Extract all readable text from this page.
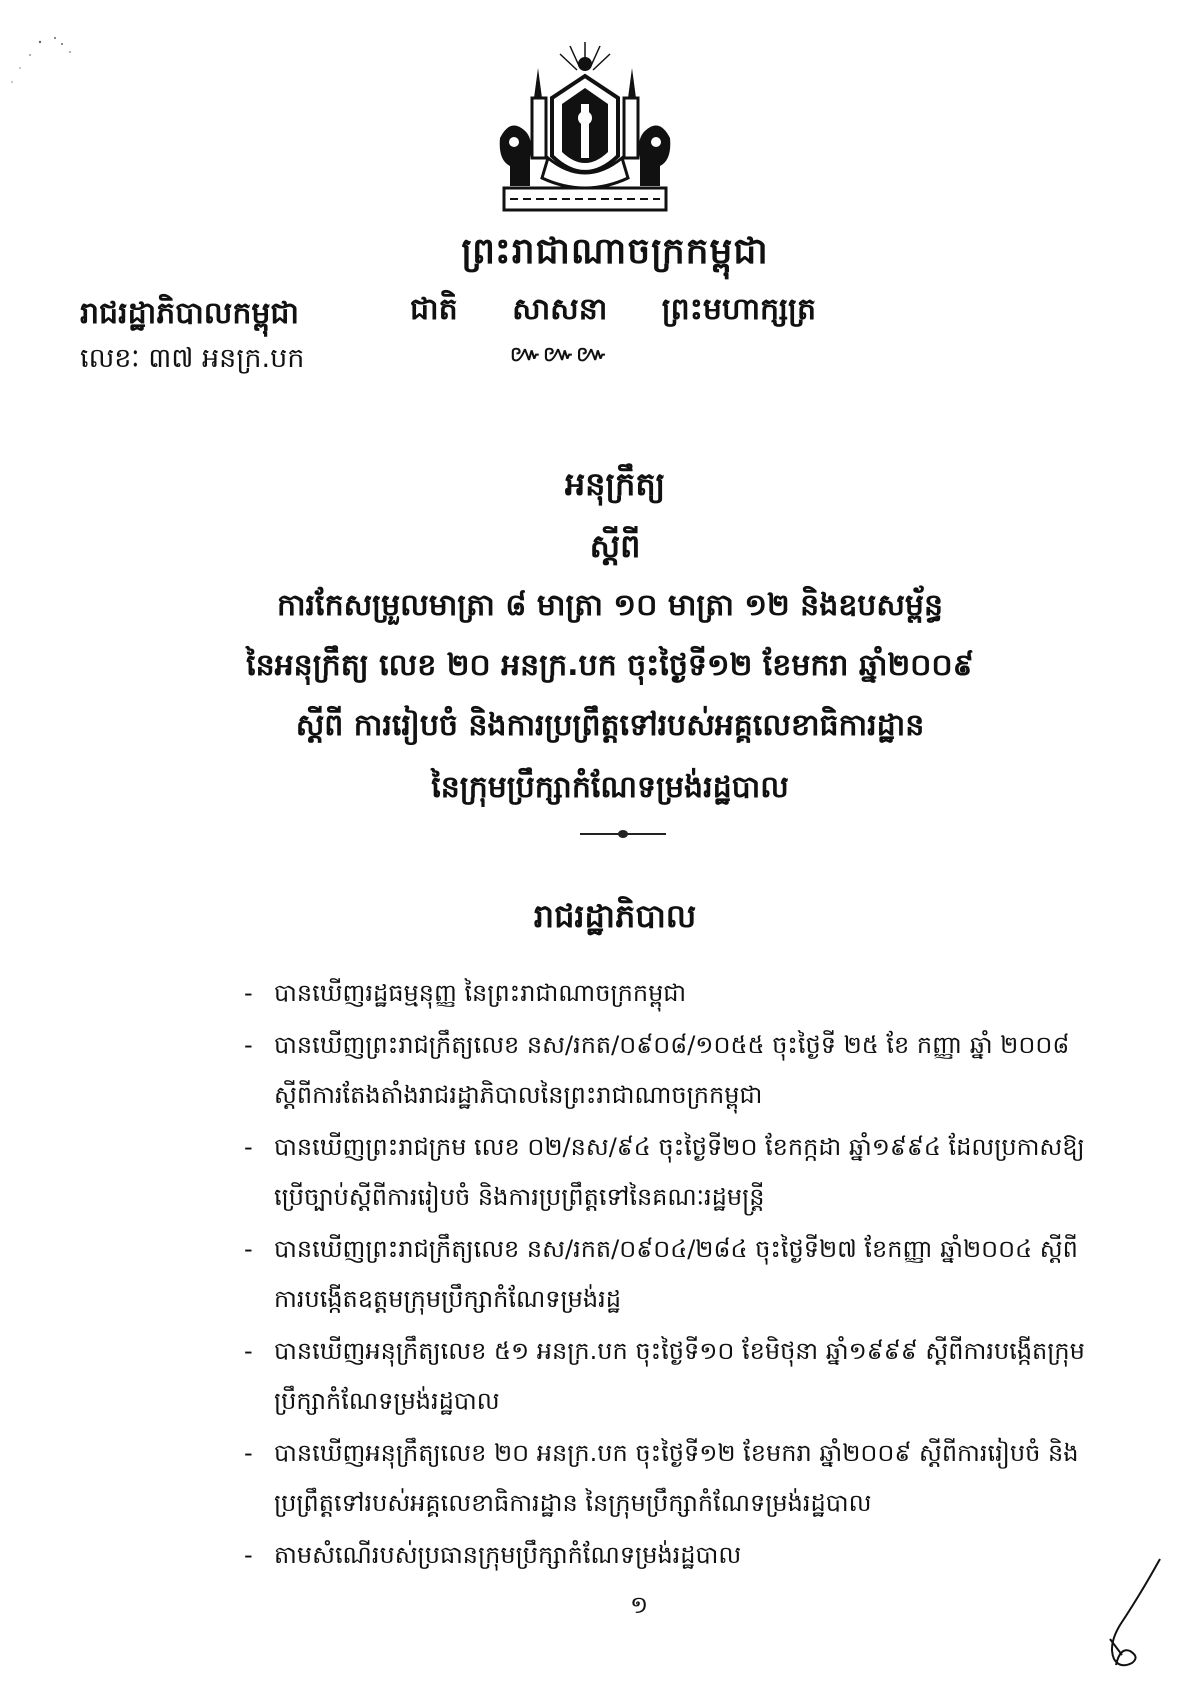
ព្រះរាជាណាចក្រកម្ពុជា
រាជរដ្ឋាភិបាលកម្ពុជា
លេខៈ ៣៧ អនក្រ.បក
ជាតិ សាសនា ព្រះមហាក្សត្រ
៚៚៚
អនុក្រឹត្យ
ស្តីពី
ការកែសម្រួលមាត្រា ៨ មាត្រា ១០ មាត្រា ១២ និងឧបសម្ព័ន្ធ
នៃអនុក្រឹត្យ លេខ ២០ អនក្រ.បក ចុះថ្ងៃទី១២ ខែមករា ឆ្នាំ២០០៩
ស្តីពី ការរៀបចំ និងការប្រព្រឹត្តទៅរបស់អគ្គលេខាធិការដ្ឋាន
នៃក្រុមប្រឹក្សាកំណែទម្រង់រដ្ឋបាល
រាជរដ្ឋាភិបាល
- បានឃើញរដ្ឋធម្មនុញ្ញ នៃព្រះរាជាណាចក្រកម្ពុជា
- បានឃើញព្រះរាជក្រឹត្យលេខ នស/រកត/០៩០៨/១០៥៥ ចុះថ្ងៃទី ២៥ ខែ កញ្ញា ឆ្នាំ ២០០៨ ស្តីពីការតែងតាំងរាជរដ្ឋាភិបាលនៃព្រះរាជាណាចក្រកម្ពុជា
- បានឃើញព្រះរាជក្រម លេខ ០២/នស/៩៤ ចុះថ្ងៃទី២០ ខែកក្កដា ឆ្នាំ១៩៩៤ ដែលប្រកាសឱ្យប្រើច្បាប់ស្តីពីការរៀបចំ និងការប្រព្រឹត្តទៅនៃគណៈរដ្ឋមន្ត្រី
- បានឃើញព្រះរាជក្រឹត្យលេខ នស/រកត/០៩០៤/២៨៤ ចុះថ្ងៃទី២៧ ខែកញ្ញា ឆ្នាំ២០០៤ ស្តីពីការបង្កើតឧត្តមក្រុមប្រឹក្សាកំណែទម្រង់រដ្ឋ
- បានឃើញអនុក្រឹត្យលេខ ៥១ អនក្រ.បក ចុះថ្ងៃទី១០ ខែមិថុនា ឆ្នាំ១៩៩៩ ស្តីពីការបង្កើតក្រុមប្រឹក្សាកំណែទម្រង់រដ្ឋបាល
- បានឃើញអនុក្រឹត្យលេខ ២០ អនក្រ.បក ចុះថ្ងៃទី១២ ខែមករា ឆ្នាំ២០០៩ ស្តីពីការរៀបចំ និងប្រព្រឹត្តទៅរបស់អគ្គលេខាធិការដ្ឋាន នៃក្រុមប្រឹក្សាកំណែទម្រង់រដ្ឋបាល
- តាមសំណើរបស់ប្រធានក្រុមប្រឹក្សាកំណែទម្រង់រដ្ឋបាល
១
